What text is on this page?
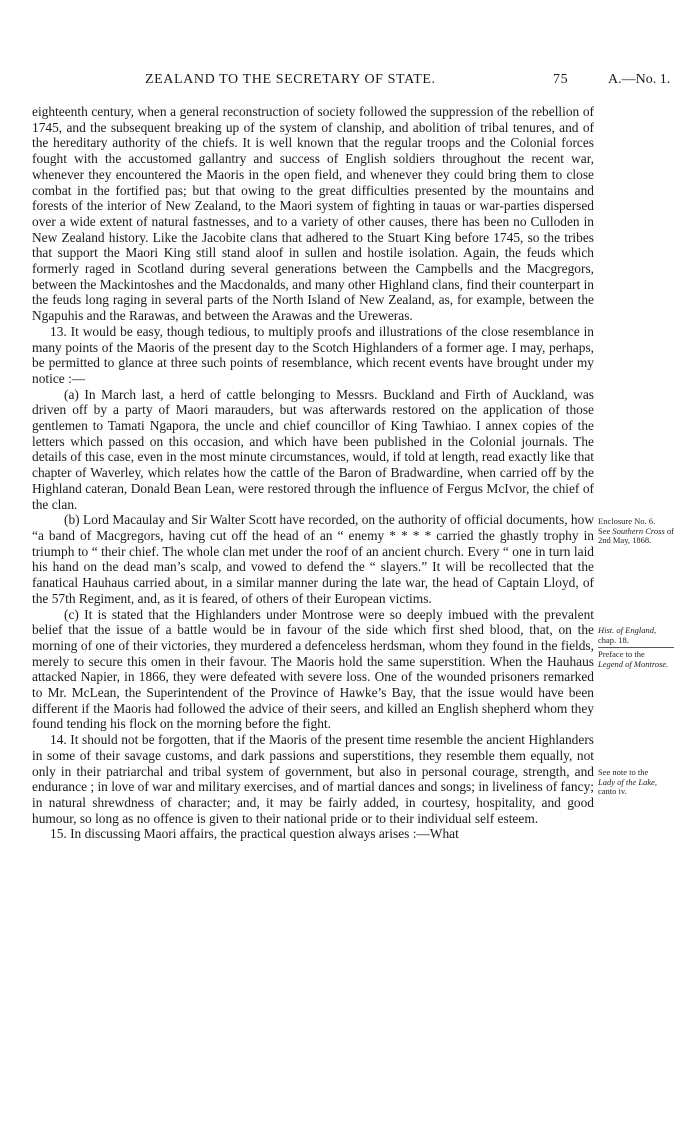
ZEALAND TO THE SECRETARY OF STATE.	75	A.—No. 1.

eighteenth century, when a general reconstruction of society followed the suppression of the rebellion of 1745, and the subsequent breaking up of the system of clanship, and abolition of tribal tenures, and of the hereditary authority of the chiefs. It is well known that the regular troops and the Colonial forces fought with the accustomed gallantry and success of English soldiers throughout the recent war, whenever they encountered the Maoris in the open field, and whenever they could bring them to close combat in the fortified pas; but that owing to the great difficulties presented by the mountains and forests of the interior of New Zealand, to the Maori system of fighting in tauas or war-parties dispersed over a wide extent of natural fastnesses, and to a variety of other causes, there has been no Culloden in New Zealand history. Like the Jacobite clans that adhered to the Stuart King before 1745, so the tribes that support the Maori King still stand aloof in sullen and hostile isolation. Again, the feuds which formerly raged in Scotland during several generations between the Campbells and the Macgregors, between the Mackintoshes and the Macdonalds, and many other Highland clans, find their counterpart in the feuds long raging in several parts of the North Island of New Zealand, as, for example, between the Ngapuhis and the Rarawas, and between the Arawas and the Ureweras.

13. It would be easy, though tedious, to multiply proofs and illustrations of the close resemblance in many points of the Maoris of the present day to the Scotch Highlanders of a former age. I may, perhaps, be permitted to glance at three such points of resemblance, which recent events have brought under my notice :—

(a) In March last, a herd of cattle belonging to Messrs. Buckland and Firth of Auckland, was driven off by a party of Maori marauders, but was afterwards restored on the application of those gentlemen to Tamati Ngapora, the uncle and chief councillor of King Tawhiao. I annex copies of the letters which passed on this occasion, and which have been published in the Colonial journals. The details of this case, even in the most minute circumstances, would, if told at length, read exactly like that chapter of Waverley, which relates how the cattle of the Baron of Bradwardine, when carried off by the Highland cateran, Donald Bean Lean, were restored through the influence of Fergus McIvor, the chief of the clan.

(b) Lord Macaulay and Sir Walter Scott have recorded, on the authority of official documents, how “a band of Macgregors, having cut off the head of an “ enemy * * * * carried the ghastly trophy in triumph to “ their chief. The whole clan met under the roof of an ancient church. Every “ one in turn laid his hand on the dead man’s scalp, and vowed to defend the “ slayers.” It will be recollected that the fanatical Hauhaus carried about, in a similar manner during the late war, the head of Captain Lloyd, of the 57th Regiment, and, as it is feared, of others of their European victims.

(c) It is stated that the Highlanders under Montrose were so deeply imbued with the prevalent belief that the issue of a battle would be in favour of the side which first shed blood, that, on the morning of one of their victories, they murdered a defenceless herdsman, whom they found in the fields, merely to secure this omen in their favour. The Maoris hold the same superstition. When the Hauhaus attacked Napier, in 1866, they were defeated with severe loss. One of the wounded prisoners remarked to Mr. McLean, the Superintendent of the Province of Hawke’s Bay, that the issue would have been different if the Maoris had followed the advice of their seers, and killed an English shepherd whom they found tending his flock on the morning before the fight.

14. It should not be forgotten, that if the Maoris of the present time resemble the ancient Highlanders in some of their savage customs, and dark passions and superstitions, they resemble them equally, not only in their patriarchal and tribal system of government, but also in personal courage, strength, and endurance ; in love of war and military exercises, and of martial dances and songs; in liveliness of fancy; in natural shrewdness of character; and, it may be fairly added, in courtesy, hospitality, and good humour, so long as no offence is given to their national pride or to their individual self esteem.

15. In discussing Maori affairs, the practical question always arises :—What

Enclosure No. 6.
See Southern Cross of 2nd May, 1868.
Hist. of England,
chap. 18.
Preface to the
Legend of Montrose.
See note to the
Lady of the Lake,
canto iv.
